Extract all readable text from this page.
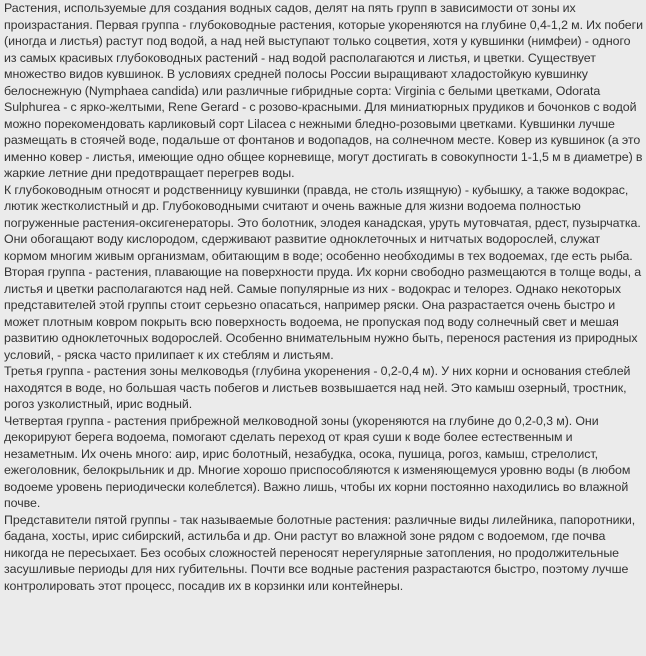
Растения, используемые для создания водных садов, делят на пять групп в зависимости от зоны их произрастания. Первая группа - глубоководные растения, которые укореняются на глубине 0,4-1,2 м. Их побеги (иногда и листья) растут под водой, а над ней выступают только соцветия, хотя у кувшинки (нимфеи) - одного из самых красивых глубоководных растений - над водой располагаются и листья, и цветки. Существует множество видов кувшинок. В условиях средней полосы России выращивают хладостойкую кувшинку белоснежную (Nymphaea candida) или различные гибридные сорта: Virginia с белыми цветками, Odorata Sulphurea - с ярко-желтыми, Rene Gerard - с розово-красными. Для миниатюрных прудиков и бочонков с водой можно порекомендовать карликовый сорт Lilacea с нежными бледно-розовыми цветками. Кувшинки лучше размещать в стоячей воде, подальше от фонтанов и водопадов, на солнечном месте. Ковер из кувшинок (а это именно ковер - листья, имеющие одно общее корневище, могут достигать в совокупности 1-1,5 м в диаметре) в жаркие летние дни предотвращает перегрев воды.

К глубоководным относят и родственницу кувшинки (правда, не столь изящную) - кубышку, а также водокрас, лютик жестколистный и др. Глубоководными считают и очень важные для жизни водоема полностью погруженные растения-оксигенераторы. Это болотник, элодея канадская, уруть мутовчатая, рдест, пузырчатка. Они обогащают воду кислородом, сдерживают развитие одноклеточных и нитчатых водорослей, служат кормом многим живым организмам, обитающим в воде; особенно необходимы в тех водоемах, где есть рыба.

Вторая группа - растения, плавающие на поверхности пруда. Их корни свободно размещаются в толще воды, а листья и цветки располагаются над ней. Самые популярные из них - водокрас и телорез. Однако некоторых представителей этой группы стоит серьезно опасаться, например ряски. Она разрастается очень быстро и может плотным ковром покрыть всю поверхность водоема, не пропуская под воду солнечный свет и мешая развитию одноклеточных водорослей. Особенно внимательным нужно быть, перенося растения из природных условий, - ряска часто прилипает к их стеблям и листьям.

Третья группа - растения зоны мелководья (глубина укоренения - 0,2-0,4 м). У них корни и основания стеблей находятся в воде, но большая часть побегов и листьев возвышается над ней. Это камыш озерный, тростник, рогоз узколистный, ирис водный.

Четвертая группа - растения прибрежной мелководной зоны (укореняются на глубине до 0,2-0,3 м). Они декорируют берега водоема, помогают сделать переход от края суши к воде более естественным и незаметным. Их очень много: аир, ирис болотный, незабудка, осока, пушица, рогоз, камыш, стрелолист, ежеголовник, белокрыльник и др. Многие хорошо приспособляются к изменяющемуся уровню воды (в любом водоеме уровень периодически колеблется). Важно лишь, чтобы их корни постоянно находились во влажной почве.

Представители пятой группы - так называемые болотные растения: различные виды лилейника, папоротники, бадана, хосты, ирис сибирский, астильба и др. Они растут во влажной зоне рядом с водоемом, где почва никогда не пересыхает. Без особых сложностей переносят нерегулярные затопления, но продолжительные засушливые периоды для них губительны. Почти все водные растения разрастаются быстро, поэтому лучше контролировать этот процесс, посадив их в корзинки или контейнеры.
